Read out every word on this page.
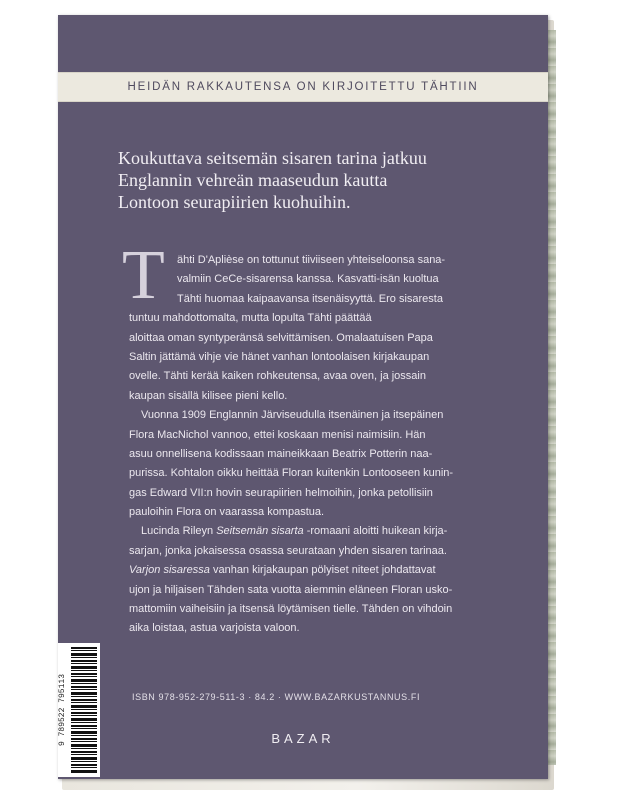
HEIDÄN RAKKAUTENSA ON KIRJOITETTU TÄHTIIN
Koukuttava seitsemän sisaren tarina jatkuu
Englannin vehreän maaseudun kautta
Lontoon seurapiirien kuohuihin.
T	ähti D'Aplièse on tottunut tiiviiseen yhteiseloonsa sana-
valmiin CeCe-sisarensa kanssa. Kasvatti-isän kuoltua
Tähti huomaa kaipaavansa itsenäisyyttä. Ero sisaresta
tuntuu mahdottomalta, mutta lopulta Tähti päättää
aloittaa oman syntyperänsä selvittämisen. Omalaatuisen Papa
Saltin jättämä vihje vie hänet vanhan lontoolaisen kirjakaupan
ovelle. Tähti kerää kaiken rohkeutensa, avaa oven, ja jossain
kaupan sisällä kilisee pieni kello.
Vuonna 1909 Englannin Järviseudulla itsenäinen ja itsepäinen
Flora MacNichol vannoo, ettei koskaan menisi naimisiin. Hän
asuu onnellisena kodissaan maineikkaan Beatrix Potterin naa-
purissa. Kohtalon oikku heittää Floran kuitenkin Lontooseen kunin-
gas Edward VII:n hovin seurapiirien helmoihin, jonka petollisiin
pauloihin Flora on vaarassa kompastua.
Lucinda Rileyn Seitsemän sisarta -romaani aloitti huikean kirja-
sarjan, jonka jokaisessa osassa seurataan yhden sisaren tarinaa.
Varjon sisaressa vanhan kirjakaupan pölyiset niteet johdattavat
ujon ja hiljaisen Tähden sata vuotta aiemmin eläneen Floran usko-
mattomiin vaiheisiin ja itsensä löytämisen tielle. Tähden on vihdoin
aika loistaa, astua varjoista valoon.
9 789522 795113	ISBN 978-952-279-511-3 · 84.2 · WWW.BAZARKUSTANNUS.FI
BAZAR
